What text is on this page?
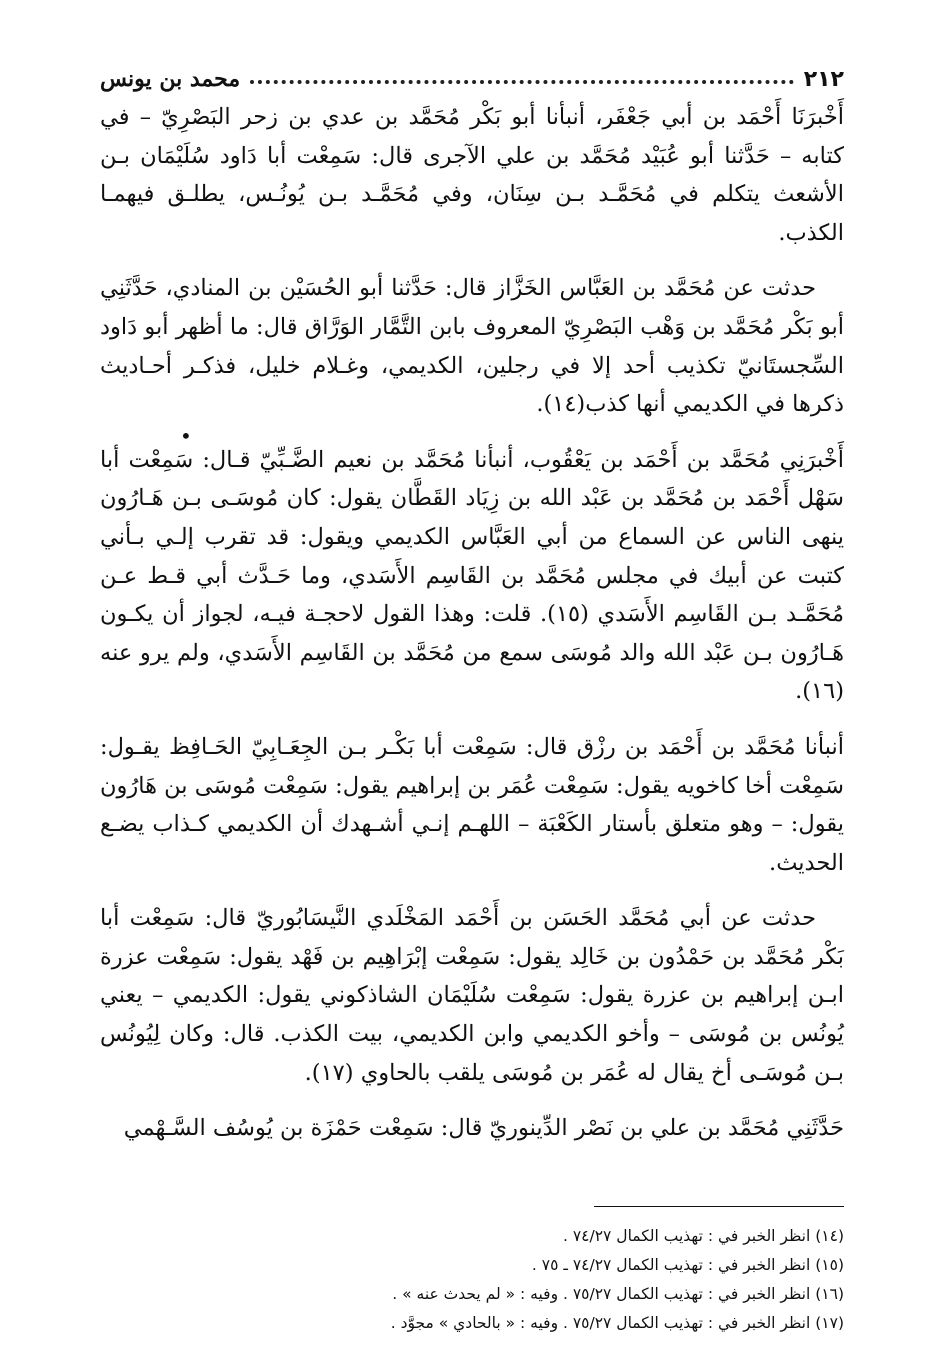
٢١٢
محمد بن يونس

أَخْبرَنَا أَحْمَد بن أبي جَعْفَر، أنبأنا أبو بَكْر مُحَمَّد بن عدي بن زحر البَصْرِيّ – في كتابه – حَدَّثنا أبو عُبَيْد مُحَمَّد بن علي الآجرى قال: سَمِعْت أبا دَاود سُلَيْمَان بـن الأشعث يتكلم في مُحَمَّـد بـن سِنَان، وفي مُحَمَّـد بـن يُونُـس، يطلـق فيهمـا الكذب.

حدثت عن مُحَمَّد بن العَبَّاس الخَزَّاز قال: حَدَّثنا أبو الحُسَيْن بن المنادي، حَدَّثَنِي أبو بَكْر مُحَمَّد بن وَهْب البَصْرِيّ المعروف بابن التَّمَّار الوَرَّاق قال: ما أظهر أبو دَاود السِّجستَانيّ تكذيب أحد إلا في رجلين، الكديمي، وغـلام خليل، فذكـر أحـاديث ذكرها في الكديمي أنها كذب(١٤).

أَخْبرَنِي مُحَمَّد بن أَحْمَد بن يَعْقُوب، أنبأنا مُحَمَّد بن نعيم الضَّـبِّيّ قـال: سَمِعْت أبا سَهْل أَحْمَد بن مُحَمَّد بن عَبْد الله بن زِيَاد القَطَّان يقول: كان مُوسَـى بـن هَـارُون ينهى الناس عن السماع من أبي العَبَّاس الكديمي ويقول: قد تقرب إلـي بـأني كتبت عن أبيك في مجلس مُحَمَّد بن القَاسِم الأَسَدي، وما حَـدَّث أبي قـط عـن مُحَمَّـد بـن القَاسِم الأَسَدي (١٥). قلت: وهذا القول لاحجـة فيـه، لجواز أن يكـون هَـارُون بـن عَبْد الله والد مُوسَى سمع من مُحَمَّد بن القَاسِم الأَسَدي، ولم يرو عنه (١٦).

أنبأنا مُحَمَّد بن أَحْمَد بن رزْق قال: سَمِعْت أبا بَكْـر بـن الجِعَـابِيّ الحَـافِظ يقـول: سَمِعْت أخا كاخويه يقول: سَمِعْت عُمَر بن إبراهيم يقول: سَمِعْت مُوسَى بن هَارُون يقول: – وهو متعلق بأستار الكَعْبَة – اللهـم إنـي أشـهدك أن الكديمي كـذاب يضـع الحديث.

حدثت عن أبي مُحَمَّد الحَسَن بن أَحْمَد المَخْلَدي النَّيسَابُوريّ قال: سَمِعْت أبا بَكْر مُحَمَّد بن حَمْدُون بن خَالِد يقول: سَمِعْت إبْرَاهِيم بن فَهْد يقول: سَمِعْت عزرة ابـن إبراهيم بن عزرة يقول: سَمِعْت سُلَيْمَان الشاذكوني يقول: الكديمي – يعني يُونُس بن مُوسَى – وأخو الكديمي وابن الكديمي، بيت الكذب. قال: وكان لِيُونُس بـن مُوسَـى أخ يقال له عُمَر بن مُوسَى يلقب بالحاوي (١٧).

حَدَّثَنِي مُحَمَّد بن علي بن نَصْر الدِّينوريّ قال: سَمِعْت حَمْزَة بن يُوسُف السَّـهْمي

•
(١٤) انظر الخبر في : تهذيب الكمال ٧٤/٢٧ .
(١٥) انظر الخبر في : تهذيب الكمال ٧٤/٢٧ ـ ٧٥ .
(١٦) انظر الخبر في : تهذيب الكمال ٧٥/٢٧ . وفيه : « لم يحدث عنه » .
(١٧) انظر الخبر في : تهذيب الكمال ٧٥/٢٧ . وفيه : « بالحادي » مجوَّد .
